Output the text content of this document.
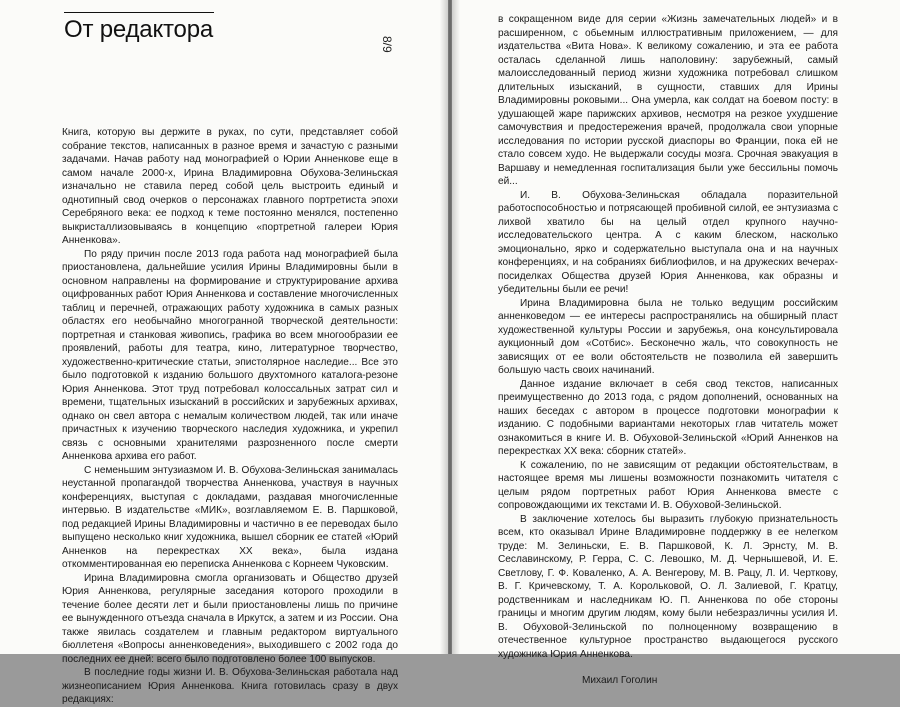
От редактора
8/9

Книга, которую вы держите в руках, по сути, представляет собой собрание текстов, написанных в разное время и зачастую с разными задачами. Начав работу над монографией о Юрии Анненкове еще в самом начале 2000-х, Ирина Владимировна Обухова-Зелиньская изначально не ставила перед собой цель выстроить единый и однотипный свод очерков о персонажах главного портретиста эпохи Серебряного века: ее подход к теме постоянно менялся, постепенно выкристаллизовываясь в концепцию «портретной галереи Юрия Анненкова».

По ряду причин после 2013 года работа над монографией была приостановлена, дальнейшие усилия Ирины Владимировны были в основном направлены на формирование и структурирование архива оцифрованных работ Юрия Анненкова и составление многочисленных таблиц и перечней, отражающих работу художника в самых разных областях его необычайно многогранной творческой деятельности: портретная и станковая живопись, графика во всем многообразии ее проявлений, работы для театра, кино, литературное творчество, художественно-критические статьи, эпистолярное наследие... Все это было подготовкой к изданию большого двухтомного каталога-резоне Юрия Анненкова. Этот труд потребовал колоссальных затрат сил и времени, тщательных изысканий в российских и зарубежных архивах, однако он свел автора с немалым количеством людей, так или иначе причастных к изучению творческого наследия художника, и укрепил связь с основными хранителями разрозненного после смерти Анненкова архива его работ.

С неменьшим энтузиазмом И. В. Обухова-Зелиньская занималась неустанной пропагандой творчества Анненкова, участвуя в научных конференциях, выступая с докладами, раздавая многочисленные интервью. В издательстве «МИК», возглавляемом Е. В. Паршковой, под редакцией Ирины Владимировны и частично в ее переводах было выпущено несколько книг художника, вышел сборник ее статей «Юрий Анненков на перекрестках XX века», была издана откомментированная ею переписка Анненкова с Корнеем Чуковским.

Ирина Владимировна смогла организовать и Общество друзей Юрия Анненкова, регулярные заседания которого проходили в течение более десяти лет и были приостановлены лишь по причине ее вынужденного отъезда сначала в Иркутск, а затем и из России. Она также явилась создателем и главным редактором виртуального бюллетеня «Вопросы анненковедения», выходившего с 2002 года до последних ее дней: всего было подготовлено более 100 выпусков.

В последние годы жизни И. В. Обухова-Зелиньская работала над жизнеописанием Юрия Анненкова. Книга готовилась сразу в двух редакциях:

в сокращенном виде для серии «Жизнь замечательных людей» и в расширенном, с обьемным иллюстративным приложением, — для издательства «Вита Нова». К великому сожалению, и эта ее работа осталась сделанной лишь наполовину: зарубежный, самый малоисследованный период жизни художника потребовал слишком длительных изысканий, в сущности, ставших для Ирины Владимировны роковыми... Она умерла, как солдат на боевом посту: в удушающей жаре парижских архивов, несмотря на резкое ухудшение самочувствия и предостережения врачей, продолжала свои упорные исследования по истории русской диаспоры во Франции, пока ей не стало совсем худо. Не выдержали сосуды мозга. Срочная эвакуация в Варшаву и немедленная госпитализация были уже бессильны помочь ей...

И. В. Обухова-Зелиньская обладала поразительной работоспособностью и потрясающей пробивной силой, ее энтузиазма с лихвой хватило бы на целый отдел крупного научно-исследовательского центра. А с каким блеском, насколько эмоционально, ярко и содержательно выступала она и на научных конференциях, и на собраниях библиофилов, и на дружеских вечерах-посиделках Общества друзей Юрия Анненкова, как образны и убедительны были ее речи!

Ирина Владимировна была не только ведущим российским анненковедом — ее интересы распространялись на обширный пласт художественной культуры России и зарубежья, она консультировала аукционный дом «Сотбис». Бесконечно жаль, что совокупность не зависящих от ее воли обстоятельств не позволила ей завершить большую часть своих начинаний.

Данное издание включает в себя свод текстов, написанных преимущественно до 2013 года, с рядом дополнений, основанных на наших беседах с автором в процессе подготовки монографии к изданию. С подобными вариантами некоторых глав читатель может ознакомиться в книге И. В. Обуховой-Зелиньской «Юрий Анненков на перекрестках XX века: сборник статей».

К сожалению, по не зависящим от редакции обстоятельствам, в настоящее время мы лишены возможности познакомить читателя с целым рядом портретных работ Юрия Анненкова вместе с сопровождающими их текстами И. В. Обуховой-Зелиньской.

В заключение хотелось бы выразить глубокую признательность всем, кто оказывал Ирине Владимировне поддержку в ее нелегком труде: М. Зелиньски, Е. В. Паршковой, К. Л. Эрнсту, М. В. Сеславинскому, Р. Герра, С. С. Левошко, М. Д. Чернышевой, И. Е. Светлову, Г. Ф. Коваленко, А. А. Венгерову, М. В. Рацу, Л. И. Чертковy, В. Г. Кричевскому, Т. А. Корольковой, О. Л. Залиевой, Г. Кратцу, родственникам и наследникам Ю. П. Анненкова по обе стороны границы и многим другим людям, кому были небезразличны усилия И. В. Обуховой-Зелиньской по полноценному возвращению в отечественное культурное пространство выдающегося русского художника Юрия Анненкова.

Михаил Гоголин
